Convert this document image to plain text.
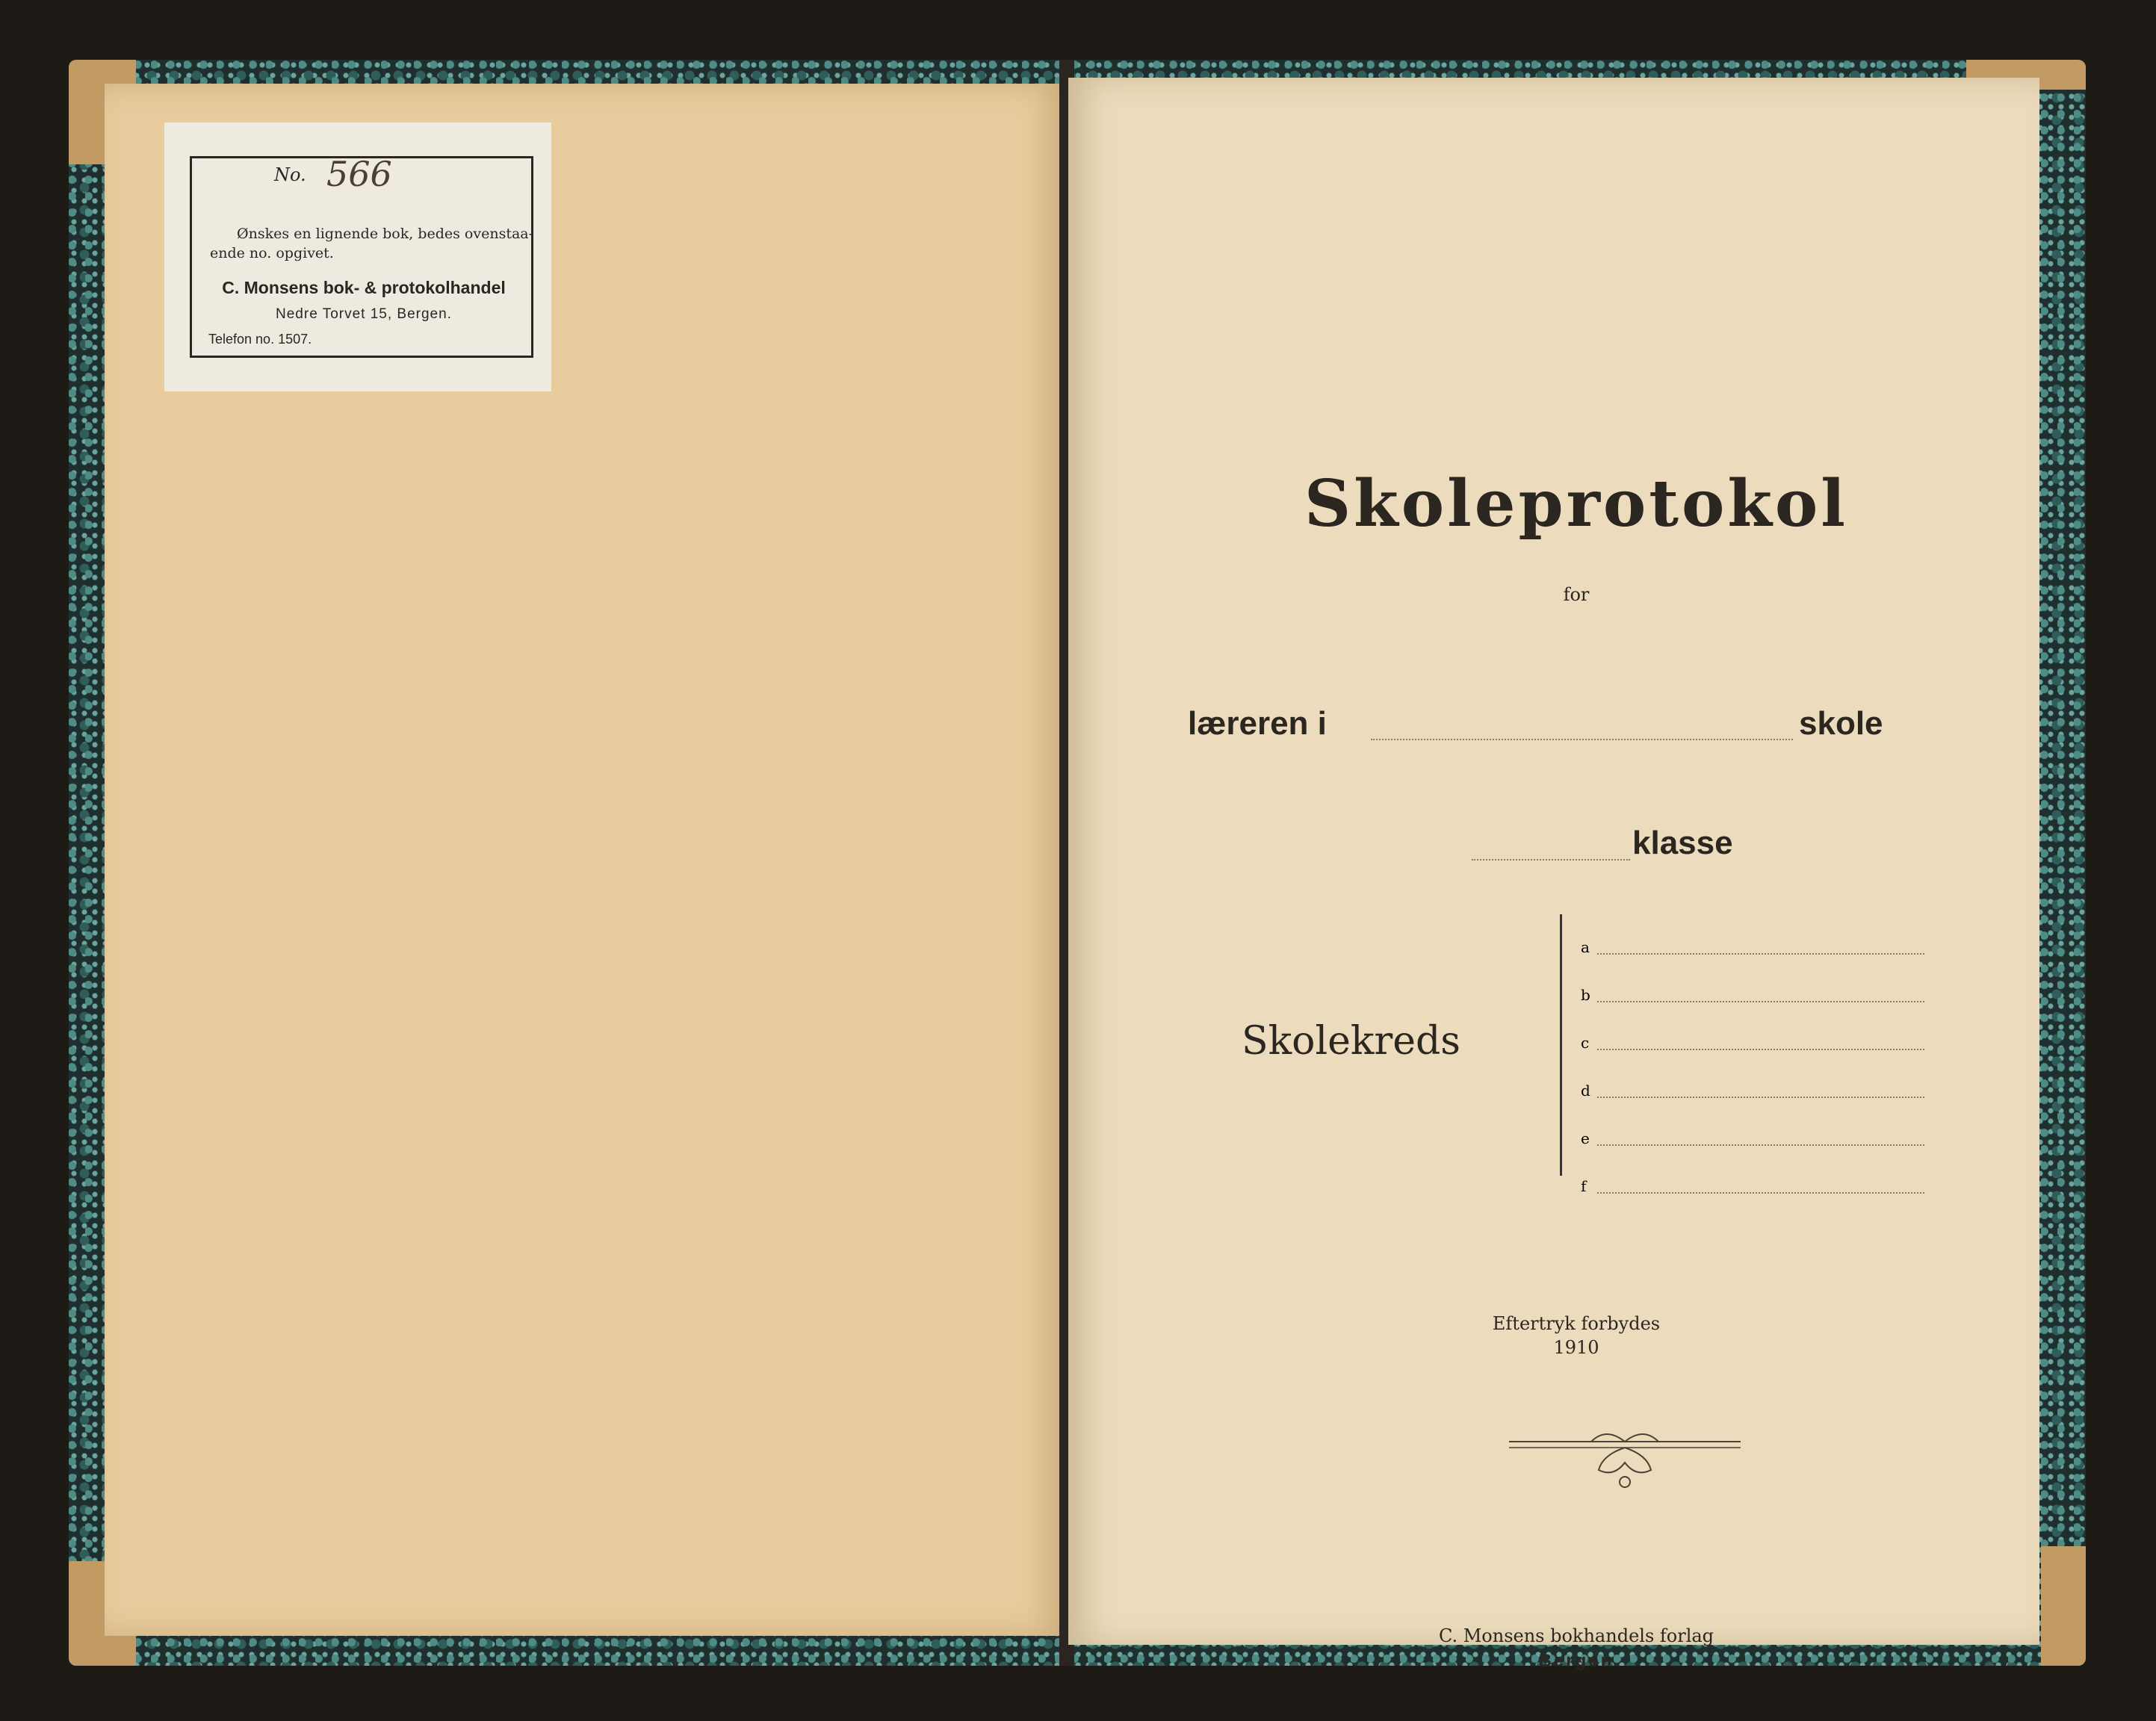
No. 566
Ønskes en lignende bok, bedes ovenstaa-
ende no. opgivet.
C. Monsens bok- & protokolhandel
Nedre Torvet 15, Bergen.
Telefon no. 1507.
Skoleprotokol
for
læreren i	skole
klasse
Skolekreds
a
b
c
d
e
f
Eftertryk forbydes
1910
C. Monsens bokhandels forlag
Bergen
